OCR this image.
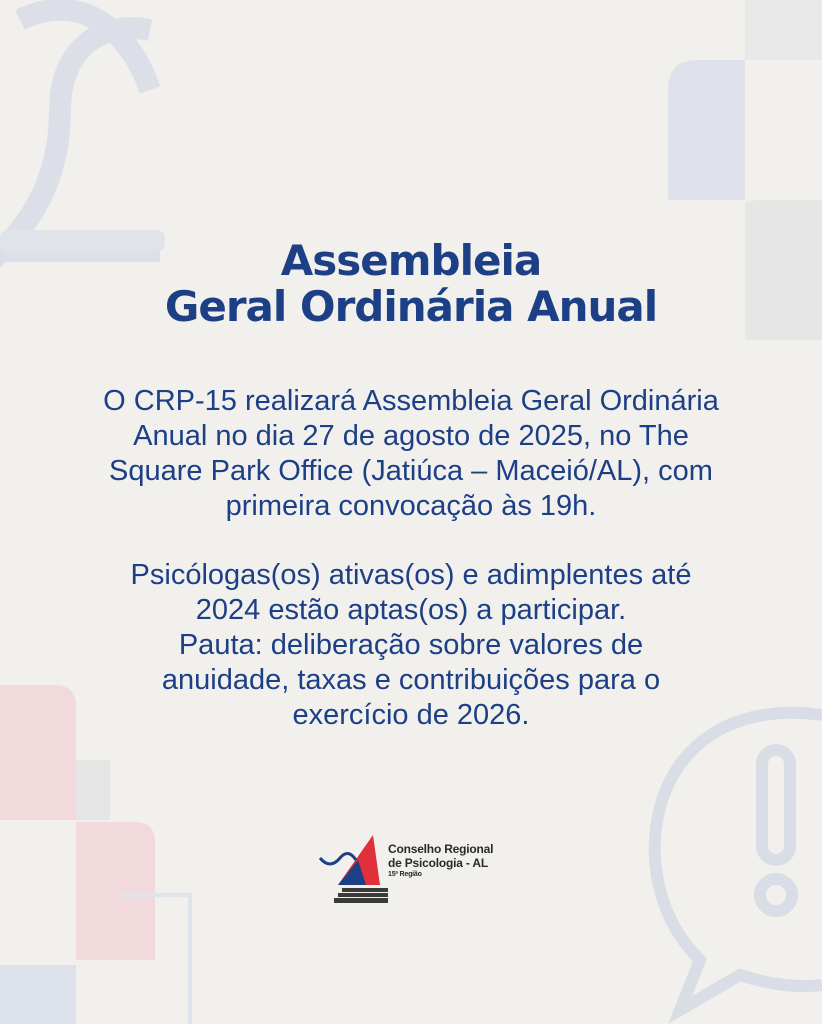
Assembleia
Geral Ordinária Anual

O CRP-15 realizará Assembleia Geral Ordinária
Anual no dia 27 de agosto de 2025, no The
Square Park Office (Jatiúca – Maceió/AL), com
primeira convocação às 19h.

Psicólogas(os) ativas(os) e adimplentes até
2024 estão aptas(os) a participar.
Pauta: deliberação sobre valores de
anuidade, taxas e contribuições para o
exercício de 2026.

Conselho Regional
de Psicologia - AL
15ª Região
